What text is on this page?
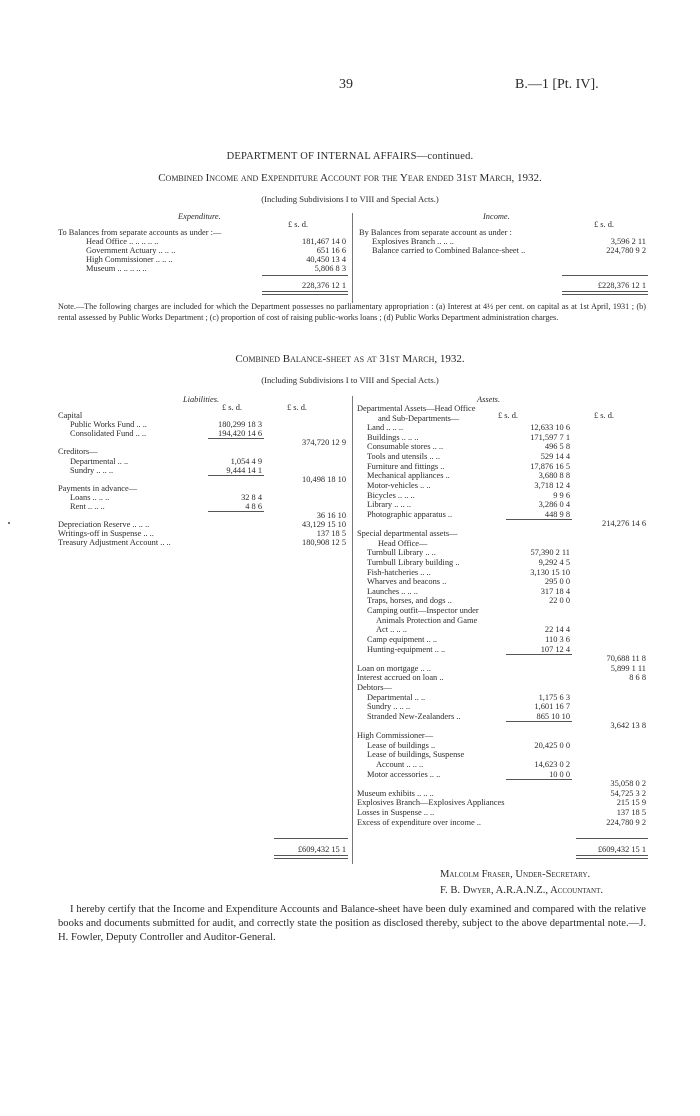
39	B.—1 [Pt. IV].
DEPARTMENT OF INTERNAL AFFAIRS—continued.
Combined Income and Expenditure Account for the Year ended 31st March, 1932.
(Including Subdivisions I to VIII and Special Acts.)
Expenditure.	Income.
£ s. d.
To Balances from separate accounts as under :—
Head Office .. .. .. .. ..	181,467 14 0
Government Actuary .. .. ..	651 16 6
High Commissioner .. .. ..	40,450 13 4
Museum .. .. .. .. ..	5,806 8 3
228,376 12 1
£ s. d.
By Balances from separate account as under :
Explosives Branch .. .. ..	3,596 2 11
Balance carried to Combined Balance-sheet ..	224,780 9 2
£228,376 12 1
Note.—The following charges are included for which the Department possesses no parliamentary appropriation : (a) Interest at 4½ per cent. on capital as at 1st April, 1931 ; (b) rental assessed by Public Works Department ; (c) proportion of cost of raising public-works loans ; (d) Public Works Department administration charges.
Combined Balance-sheet as at 31st March, 1932.
(Including Subdivisions I to VIII and Special Acts.)
Liabilities.	Assets.
£ s. d.	£ s. d.
Capital
Public Works Fund .. ..	180,299 18 3
Consolidated Fund .. ..	194,420 14 6
374,720 12 9
Creditors—
Departmental .. ..	1,054 4 9
Sundry .. .. ..	9,444 14 1
10,498 18 10
Payments in advance—
Loans .. .. ..	32 8 4
Rent .. .. ..	4 8 6
36 16 10
Depreciation Reserve .. .. ..	43,129 15 10
Writings-off in Suspense .. ..	137 18 5
Treasury Adjustment Account .. ..	180,908 12 5
£609,432 15 1
£ s. d.	£ s. d.
Departmental Assets—Head Office
and Sub-Departments—
Land .. .. ..	12,633 10 6
Buildings .. .. ..	171,597 7 1
Consumable stores .. ..	496 5 8
Tools and utensils .. ..	529 14 4
Furniture and fittings ..	17,876 16 5
Mechanical appliances ..	3,680 8 8
Motor-vehicles .. ..	3,718 12 4
Bicycles .. .. ..	9 9 6
Library .. .. ..	3,286 0 4
Photographic apparatus ..	448 9 8
214,276 14 6
Special departmental assets—
Head Office—
Turnbull Library .. ..	57,390 2 11
Turnbull Library building ..	9,292 4 5
Fish-hatcheries .. ..	3,130 15 10
Wharves and beacons ..	295 0 0
Launches .. .. ..	317 18 4
Traps, horses, and dogs ..	22 0 0
Camping outfit—Inspector under
Animals Protection and Game
Act .. .. ..	22 14 4
Camp equipment .. ..	110 3 6
Hunting-equipment .. ..	107 12 4
70,688 11 8
Loan on mortgage .. ..	5,899 1 11
Interest accrued on loan ..	8 6 8
Debtors—
Departmental .. ..	1,175 6 3
Sundry .. .. ..	1,601 16 7
Stranded New-Zealanders ..	865 10 10
3,642 13 8
High Commissioner—
Lease of buildings ..	20,425 0 0
Lease of buildings, Suspense
Account .. .. ..	14,623 0 2
Motor accessories .. ..	10 0 0
35,058 0 2
Museum exhibits .. .. ..	54,725 3 2
Explosives Branch—Explosives Appliances	215 15 9
Losses in Suspense .. ..	137 18 5
Excess of expenditure over income ..	224,780 9 2
£609,432 15 1
Malcolm Fraser, Under-Secretary.
F. B. Dwyer, A.R.A.N.Z., Accountant.
I hereby certify that the Income and Expenditure Accounts and Balance-sheet have been duly examined and compared with the relative books and documents submitted for audit, and correctly state the position as disclosed thereby, subject to the above departmental note.—J. H. Fowler, Deputy Controller and Auditor-General.
